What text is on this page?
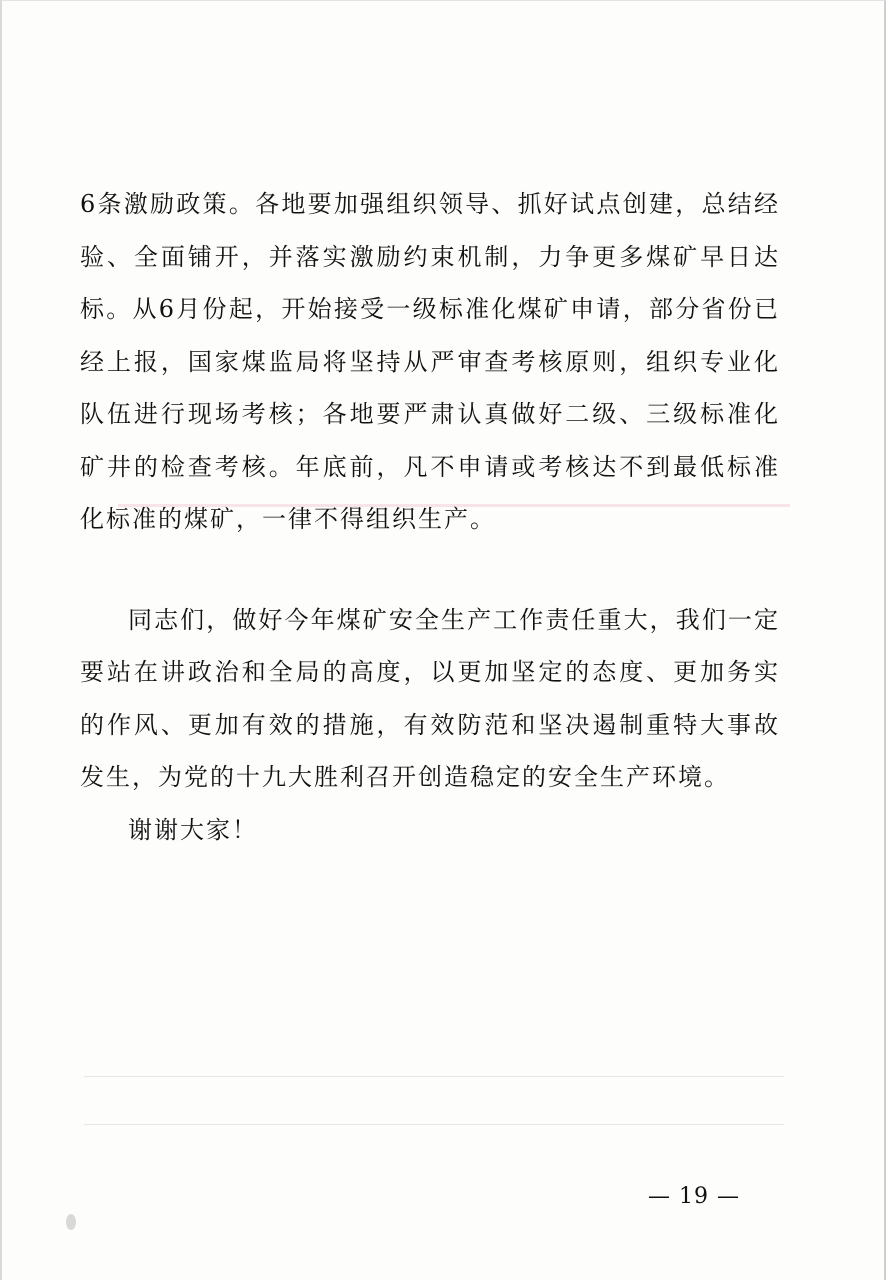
6条激励政策。各地要加强组织领导、抓好试点创建，总结经验、全面铺开，并落实激励约束机制，力争更多煤矿早日达标。从6月份起，开始接受一级标准化煤矿申请，部分省份已经上报，国家煤监局将坚持从严审查考核原则，组织专业化队伍进行现场考核；各地要严肃认真做好二级、三级标准化矿井的检查考核。年底前，凡不申请或考核达不到最低标准化标准的煤矿，一律不得组织生产。

同志们，做好今年煤矿安全生产工作责任重大，我们一定要站在讲政治和全局的高度，以更加坚定的态度、更加务实的作风、更加有效的措施，有效防范和坚决遏制重特大事故发生，为党的十九大胜利召开创造稳定的安全生产环境。

谢谢大家！

— 19 —
